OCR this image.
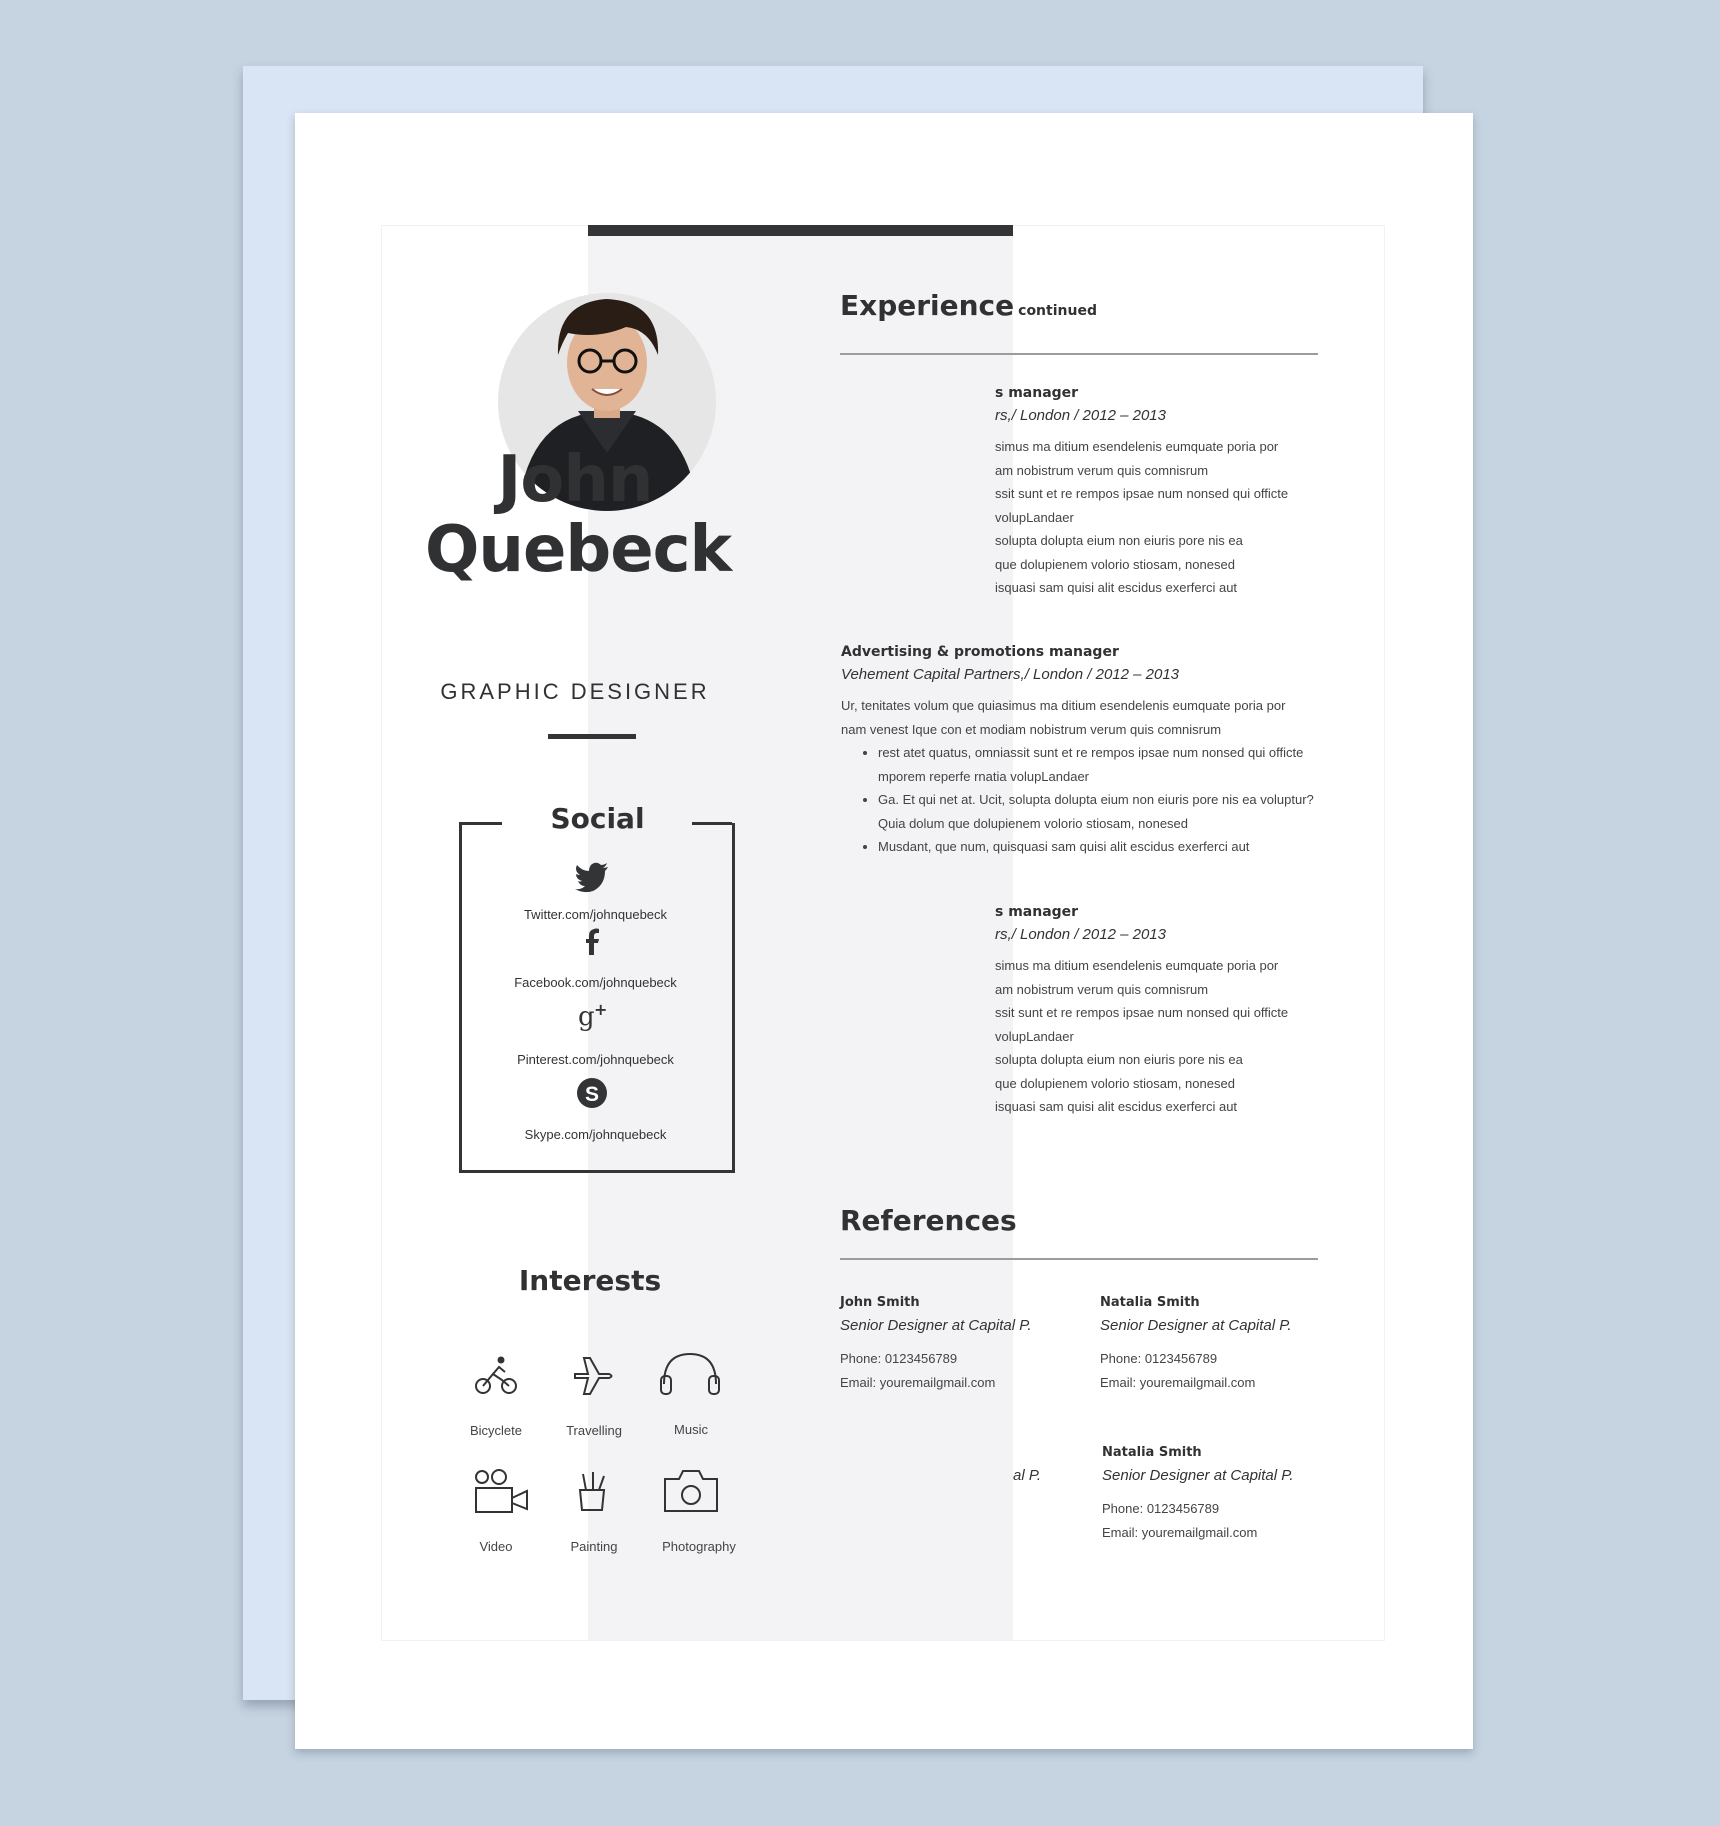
John
Quebeck
GRAPHIC DESIGNER
Social
Twitter.com/johnquebeck
Facebook.com/johnquebeck
g +
Pinterest.com/johnquebeck
S
Skype.com/johnquebeck
Interests
Bicyclete	Travelling	Music
Video	Painting	Photography
Experience continued
s manager
rs,/ London / 2012 – 2013
simus ma ditium esendelenis eumquate poria por
am nobistrum verum quis comnisrum
ssit sunt et re rempos ipsae num nonsed qui officte
volupLandaer
solupta dolupta eium non eiuris pore nis ea
que dolupienem volorio stiosam, nonesed
isquasi sam quisi alit escidus exerferci aut
Advertising & promotions manager
Vehement Capital Partners,/ London / 2012 – 2013
Ur, tenitates volum que quiasimus ma ditium esendelenis eumquate poria por
nam venest Ique con et modiam nobistrum verum quis comnisrum
• rest atet quatus, omniassit sunt et re rempos ipsae num nonsed qui officte mporem reperfe rnatia volupLandaer
• Ga. Et qui net at. Ucit, solupta dolupta eium non eiuris pore nis ea voluptur? Quia dolum que dolupienem volorio stiosam, nonesed
• Musdant, que num, quisquasi sam quisi alit escidus exerferci aut
s manager
rs,/ London / 2012 – 2013
simus ma ditium esendelenis eumquate poria por
am nobistrum verum quis comnisrum
ssit sunt et re rempos ipsae num nonsed qui officte
volupLandaer
solupta dolupta eium non eiuris pore nis ea
que dolupienem volorio stiosam, nonesed
isquasi sam quisi alit escidus exerferci aut
References
John Smith
Senior Designer at Capital P.
Phone: 0123456789
Email: youremailgmail.com
Natalia Smith
Senior Designer at Capital P.
Phone: 0123456789
Email: youremailgmail.com
al P.
Natalia Smith
Senior Designer at Capital P.
Phone: 0123456789
Email: youremailgmail.com
